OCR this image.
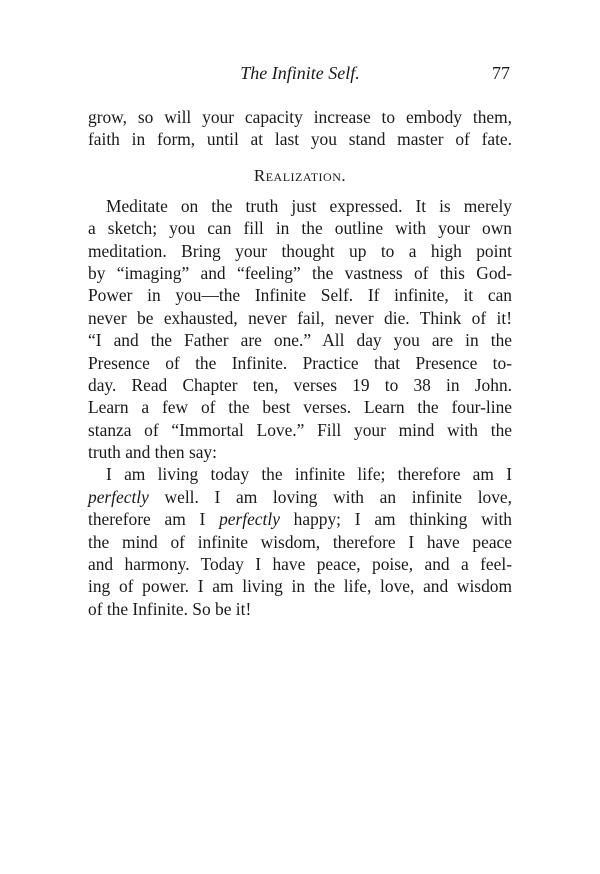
The Infinite Self.	77
grow, so will your capacity increase to embody them,
faith in form, until at last you stand master of fate.
Realization.
Meditate on the truth just expressed. It is merely
a sketch; you can fill in the outline with your own
meditation. Bring your thought up to a high point
by “imaging” and “feeling” the vastness of this God-
Power in you—the Infinite Self. If infinite, it can
never be exhausted, never fail, never die. Think of it!
“I and the Father are one.” All day you are in the
Presence of the Infinite. Practice that Presence to-
day. Read Chapter ten, verses 19 to 38 in John.
Learn a few of the best verses. Learn the four-line
stanza of “Immortal Love.” Fill your mind with the
truth and then say:
I am living today the infinite life; therefore am I
perfectly well. I am loving with an infinite love,
therefore am I perfectly happy; I am thinking with
the mind of infinite wisdom, therefore I have peace
and harmony. Today I have peace, poise, and a feel-
ing of power. I am living in the life, love, and wisdom
of the Infinite. So be it!
